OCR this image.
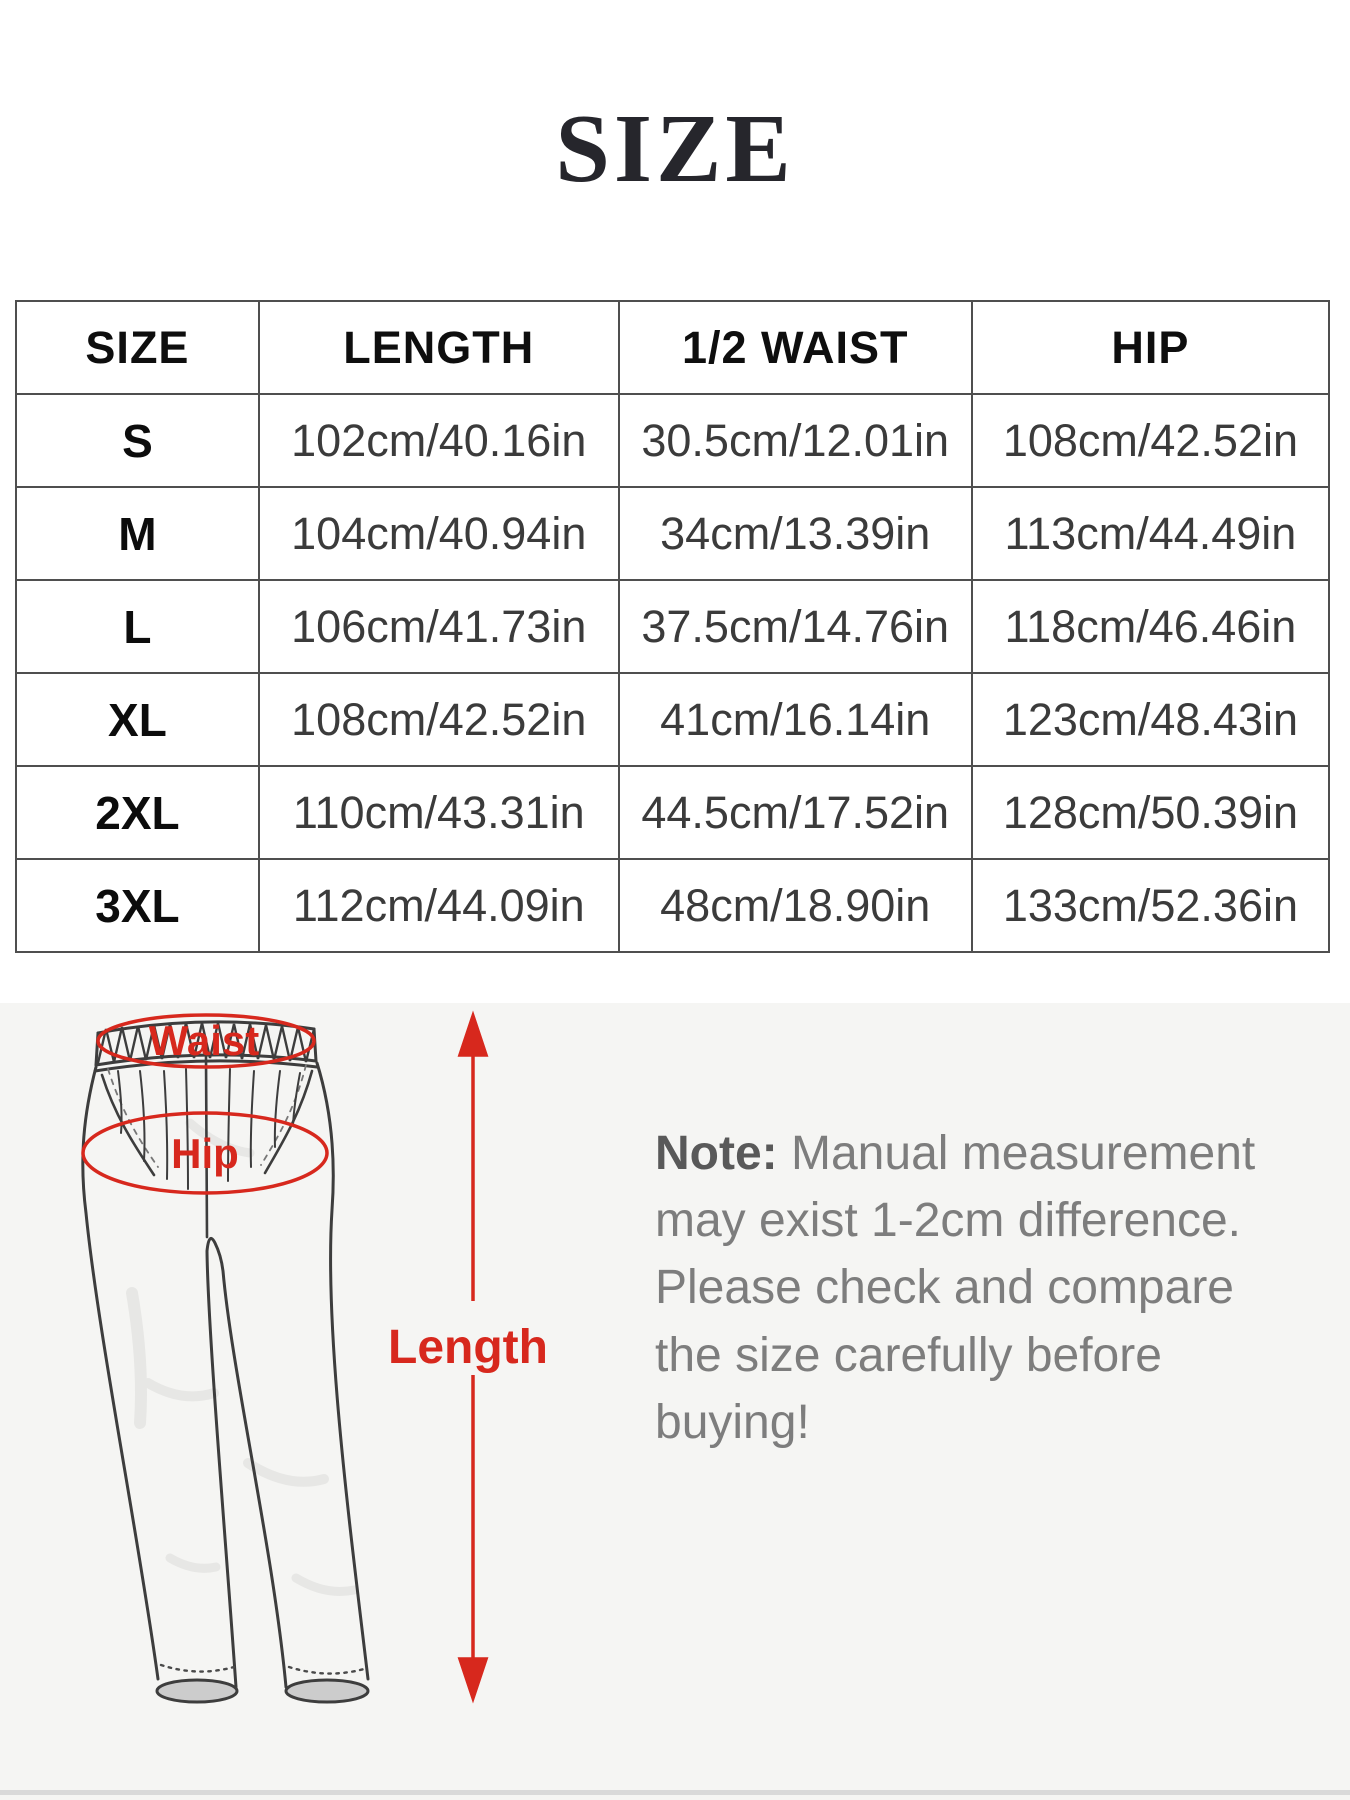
SIZE
SIZE	LENGTH	1/2 WAIST	HIP
S	102cm/40.16in	30.5cm/12.01in	108cm/42.52in
M	104cm/40.94in	34cm/13.39in	113cm/44.49in
L	106cm/41.73in	37.5cm/14.76in	118cm/46.46in
XL	108cm/42.52in	41cm/16.14in	123cm/48.43in
2XL	110cm/43.31in	44.5cm/17.52in	128cm/50.39in
3XL	112cm/44.09in	48cm/18.90in	133cm/52.36in
Waist
Hip
Length

Note: Manual measurement may exist 1-2cm difference. Please check and compare the size carefully before buying!
